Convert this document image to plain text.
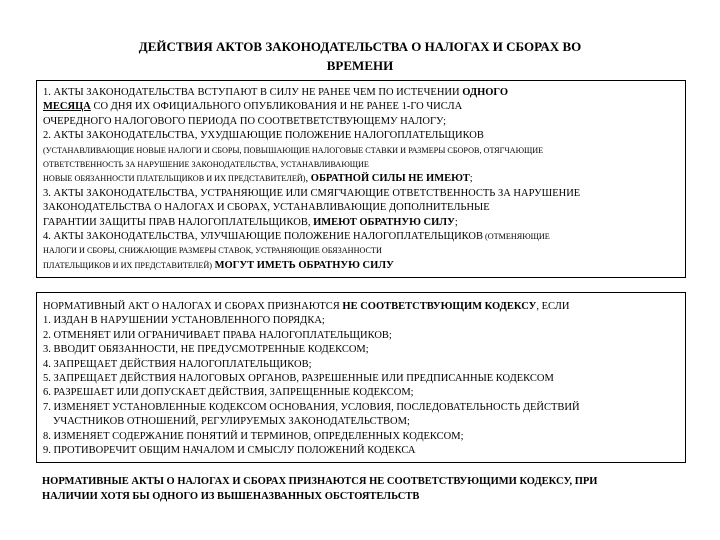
ДЕЙСТВИЯ АКТОВ ЗАКОНОДАТЕЛЬСТВА О НАЛОГАХ И СБОРАХ ВО
ВРЕМЕНИ
1. АКТЫ ЗАКОНОДАТЕЛЬСТВА ВСТУПАЮТ В СИЛУ НЕ РАНЕЕ ЧЕМ ПО ИСТЕЧЕНИИ ОДНОГО
МЕСЯЦА СО ДНЯ ИХ ОФИЦИАЛЬНОГО ОПУБЛИКОВАНИЯ И НЕ РАНЕЕ 1-ГО ЧИСЛА
ОЧЕРЕДНОГО НАЛОГОВОГО ПЕРИОДА ПО СООТВЕТВЕТСТВУЮЩЕМУ НАЛОГУ;
2. АКТЫ ЗАКОНОДАТЕЛЬСТВА, УХУДШАЮЩИЕ ПОЛОЖЕНИЕ НАЛОГОПЛАТЕЛЬЩИКОВ
(УСТАНАВЛИВАЮЩИЕ НОВЫЕ НАЛОГИ И СБОРЫ, ПОВЫШАЮЩИЕ НАЛОГОВЫЕ СТАВКИ И РАЗМЕРЫ СБОРОВ, ОТЯГЧАЮЩИЕ
ОТВЕТСТВЕННОСТЬ ЗА НАРУШЕНИЕ ЗАКОНОДАТЕЛЬСТВА, УСТАНАВЛИВАЮЩИЕ
НОВЫЕ ОБЯЗАННОСТИ ПЛАТЕЛЬЩИКОВ И ИХ ПРЕДСТАВИТЕЛЕЙ), ОБРАТНОЙ СИЛЫ НЕ ИМЕЮТ;
3. АКТЫ ЗАКОНОДАТЕЛЬСТВА, УСТРАНЯЮЩИЕ ИЛИ СМЯГЧАЮЩИЕ ОТВЕТСТВЕННОСТЬ ЗА НАРУШЕНИЕ
ЗАКОНОДАТЕЛЬСТВА О НАЛОГАХ И СБОРАХ, УСТАНАВЛИВАЮЩИЕ ДОПОЛНИТЕЛЬНЫЕ
ГАРАНТИИ ЗАЩИТЫ ПРАВ НАЛОГОПЛАТЕЛЬЩИКОВ, ИМЕЮТ ОБРАТНУЮ СИЛУ;
4. АКТЫ ЗАКОНОДАТЕЛЬСТВА, УЛУЧШАЮЩИЕ ПОЛОЖЕНИЕ НАЛОГОПЛАТЕЛЬЩИКОВ (ОТМЕНЯЮЩИЕ
НАЛОГИ И СБОРЫ, СНИЖАЮЩИЕ РАЗМЕРЫ СТАВОК, УСТРАНЯЮЩИЕ ОБЯЗАННОСТИ
ПЛАТЕЛЬЩИКОВ И ИХ ПРЕДСТАВИТЕЛЕЙ) МОГУТ ИМЕТЬ ОБРАТНУЮ СИЛУ
НОРМАТИВНЫЙ АКТ О НАЛОГАХ И СБОРАХ ПРИЗНАЮТСЯ НЕ СООТВЕТСТВУЮЩИМ КОДЕКСУ, ЕСЛИ
1. ИЗДАН В НАРУШЕНИИ УСТАНОВЛЕННОГО ПОРЯДКА;
2. ОТМЕНЯЕТ ИЛИ ОГРАНИЧИВАЕТ ПРАВА НАЛОГОПЛАТЕЛЬЩИКОВ;
3. ВВОДИТ ОБЯЗАННОСТИ, НЕ ПРЕДУСМОТРЕННЫЕ КОДЕКСОМ;
4. ЗАПРЕЩАЕТ ДЕЙСТВИЯ НАЛОГОПЛАТЕЛЬЩИКОВ;
5. ЗАПРЕЩАЕТ ДЕЙСТВИЯ НАЛОГОВЫХ ОРГАНОВ, РАЗРЕШЕННЫЕ ИЛИ ПРЕДПИСАННЫЕ КОДЕКСОМ
6. РАЗРЕШАЕТ ИЛИ ДОПУСКАЕТ ДЕЙСТВИЯ, ЗАПРЕЩЕННЫЕ КОДЕКСОМ;
7. ИЗМЕНЯЕТ УСТАНОВЛЕННЫЕ КОДЕКСОМ ОСНОВАНИЯ, УСЛОВИЯ, ПОСЛЕДОВАТЕЛЬНОСТЬ ДЕЙСТВИЙ
УЧАСТНИКОВ ОТНОШЕНИЙ, РЕГУЛИРУЕМЫХ ЗАКОНОДАТЕЛЬСТВОМ;
8. ИЗМЕНЯЕТ СОДЕРЖАНИЕ ПОНЯТИЙ И ТЕРМИНОВ, ОПРЕДЕЛЕННЫХ КОДЕКСОМ;
9. ПРОТИВОРЕЧИТ ОБЩИМ НАЧАЛОМ И СМЫСЛУ ПОЛОЖЕНИЙ КОДЕКСА
НОРМАТИВНЫЕ АКТЫ О НАЛОГАХ И СБОРАХ ПРИЗНАЮТСЯ НЕ СООТВЕТСТВУЮЩИМИ КОДЕКСУ, ПРИ
НАЛИЧИИ ХОТЯ БЫ ОДНОГО ИЗ ВЫШЕНАЗВАННЫХ ОБСТОЯТЕЛЬСТВ
